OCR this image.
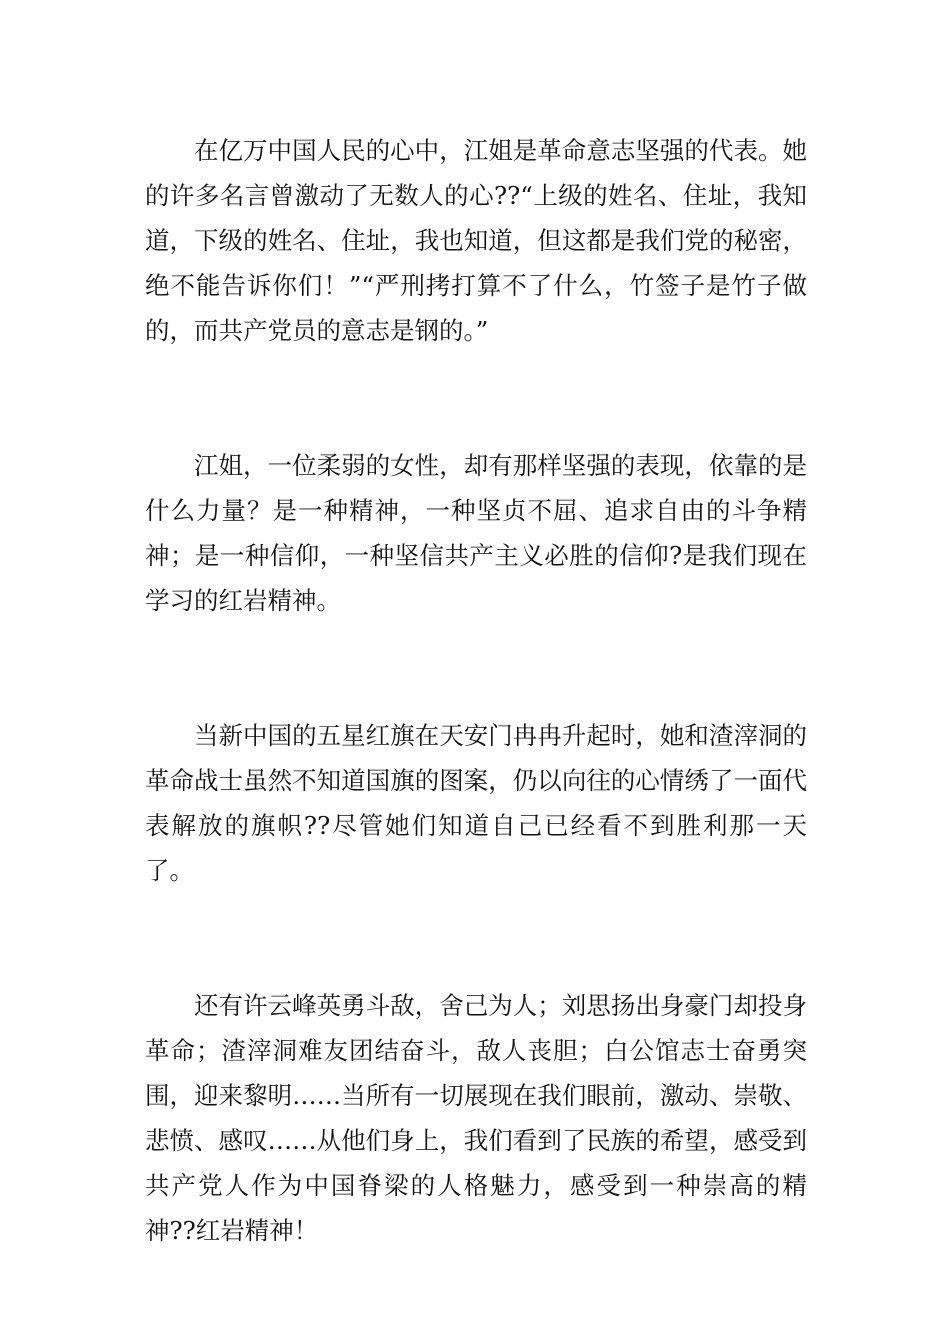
在亿万中国人民的心中，江姐是革命意志坚强的代表。她的许多名言曾激动了无数人的心??“上级的姓名、住址，我知道，下级的姓名、住址，我也知道，但这都是我们党的秘密，绝不能告诉你们！”“严刑拷打算不了什么，竹签子是竹子做的，而共产党员的意志是钢的。”

江姐，一位柔弱的女性，却有那样坚强的表现，依靠的是什么力量？是一种精神，一种坚贞不屈、追求自由的斗争精神；是一种信仰，一种坚信共产主义必胜的信仰?是我们现在学习的红岩精神。

当新中国的五星红旗在天安门冉冉升起时，她和渣滓洞的革命战士虽然不知道国旗的图案，仍以向往的心情绣了一面代表解放的旗帜??尽管她们知道自己已经看不到胜利那一天了。

还有许云峰英勇斗敌，舍己为人；刘思扬出身豪门却投身革命；渣滓洞难友团结奋斗，敌人丧胆；白公馆志士奋勇突围，迎来黎明……当所有一切展现在我们眼前，激动、崇敬、悲愤、感叹……从他们身上，我们看到了民族的希望，感受到共产党人作为中国脊梁的人格魅力，感受到一种崇高的精神??红岩精神！
